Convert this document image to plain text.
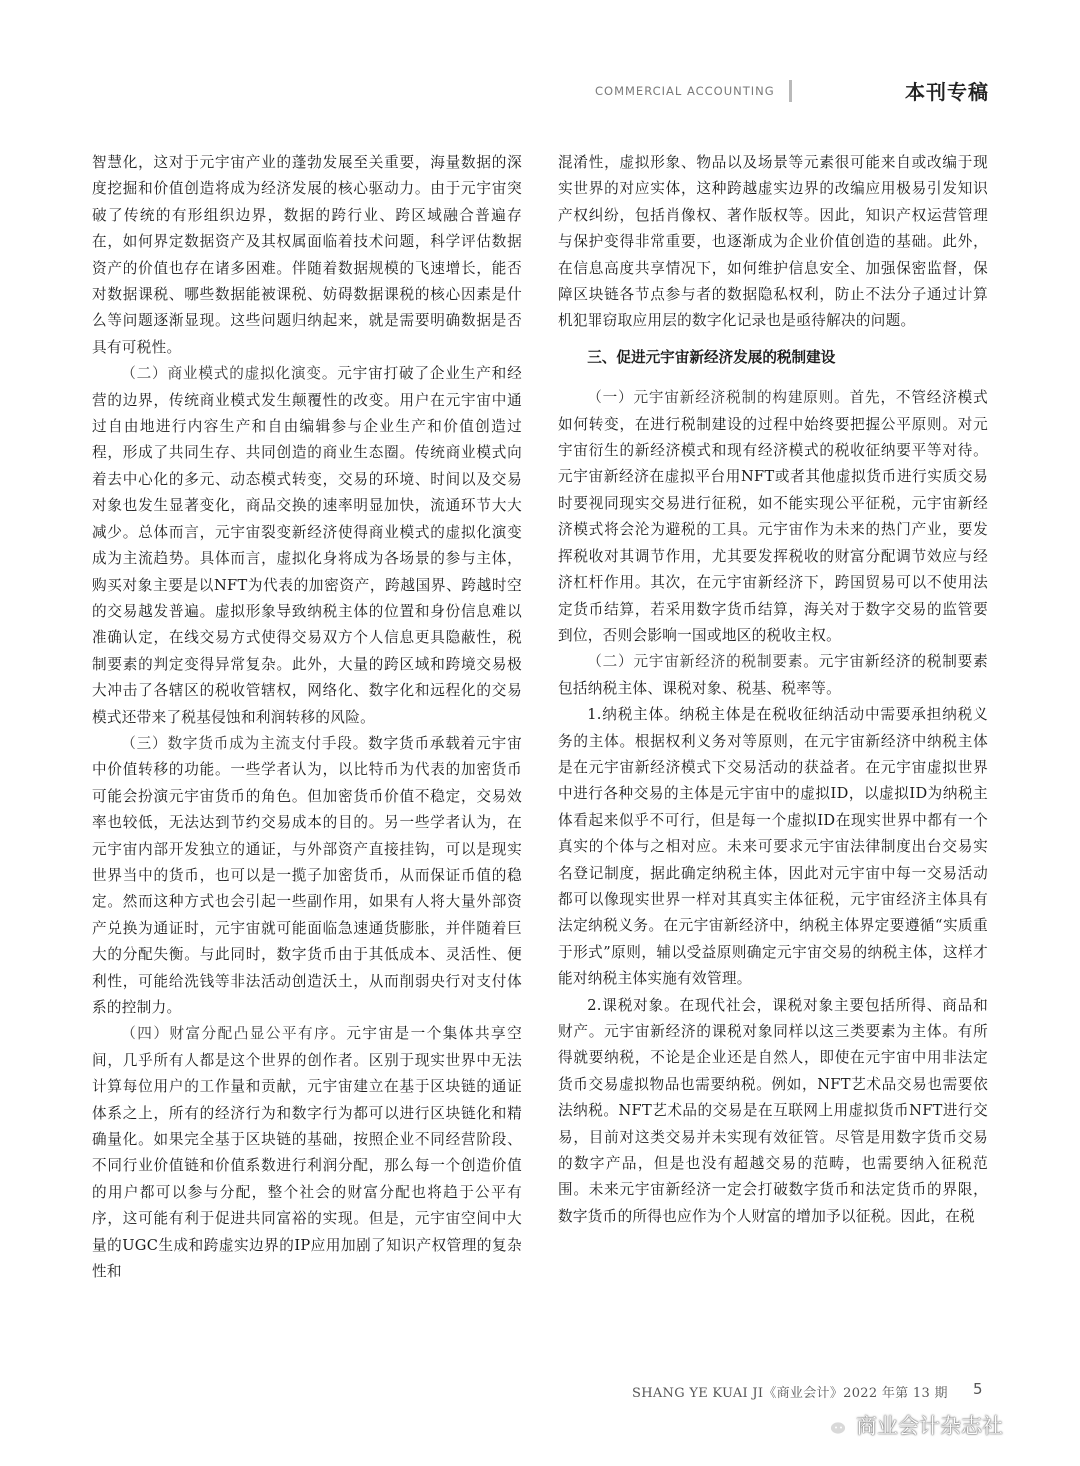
COMMERCIAL ACCOUNTING	本刊专稿

智慧化，这对于元宇宙产业的蓬勃发展至关重要，海量数据的深度挖掘和价值创造将成为经济发展的核心驱动力。由于元宇宙突破了传统的有形组织边界，数据的跨行业、跨区域融合普遍存在，如何界定数据资产及其权属面临着技术问题，科学评估数据资产的价值也存在诸多困难。伴随着数据规模的飞速增长，能否对数据课税、哪些数据能被课税、妨碍数据课税的核心因素是什么等问题逐渐显现。这些问题归纳起来，就是需要明确数据是否具有可税性。

（二）商业模式的虚拟化演变。元宇宙打破了企业生产和经营的边界，传统商业模式发生颠覆性的改变。用户在元宇宙中通过自由地进行内容生产和自由编辑参与企业生产和价值创造过程，形成了共同生存、共同创造的商业生态圈。传统商业模式向着去中心化的多元、动态模式转变，交易的环境、时间以及交易对象也发生显著变化，商品交换的速率明显加快，流通环节大大减少。总体而言，元宇宙裂变新经济使得商业模式的虚拟化演变成为主流趋势。具体而言，虚拟化身将成为各场景的参与主体，购买对象主要是以NFT为代表的加密资产，跨越国界、跨越时空的交易越发普遍。虚拟形象导致纳税主体的位置和身份信息难以准确认定，在线交易方式使得交易双方个人信息更具隐蔽性，税制要素的判定变得异常复杂。此外，大量的跨区域和跨境交易极大冲击了各辖区的税收管辖权，网络化、数字化和远程化的交易模式还带来了税基侵蚀和利润转移的风险。

（三）数字货币成为主流支付手段。数字货币承载着元宇宙中价值转移的功能。一些学者认为，以比特币为代表的加密货币可能会扮演元宇宙货币的角色。但加密货币价值不稳定，交易效率也较低，无法达到节约交易成本的目的。另一些学者认为，在元宇宙内部开发独立的通证，与外部资产直接挂钩，可以是现实世界当中的货币，也可以是一揽子加密货币，从而保证币值的稳定。然而这种方式也会引起一些副作用，如果有人将大量外部资产兑换为通证时，元宇宙就可能面临急速通货膨胀，并伴随着巨大的分配失衡。与此同时，数字货币由于其低成本、灵活性、便利性，可能给洗钱等非法活动创造沃土，从而削弱央行对支付体系的控制力。

（四）财富分配凸显公平有序。元宇宙是一个集体共享空间，几乎所有人都是这个世界的创作者。区别于现实世界中无法计算每位用户的工作量和贡献，元宇宙建立在基于区块链的通证体系之上，所有的经济行为和数字行为都可以进行区块链化和精确量化。如果完全基于区块链的基础，按照企业不同经营阶段、不同行业价值链和价值系数进行利润分配，那么每一个创造价值的用户都可以参与分配，整个社会的财富分配也将趋于公平有序，这可能有利于促进共同富裕的实现。但是，元宇宙空间中大量的UGC生成和跨虚实边界的IP应用加剧了知识产权管理的复杂性和

混淆性，虚拟形象、物品以及场景等元素很可能来自或改编于现实世界的对应实体，这种跨越虚实边界的改编应用极易引发知识产权纠纷，包括肖像权、著作版权等。因此，知识产权运营管理与保护变得非常重要，也逐渐成为企业价值创造的基础。此外，在信息高度共享情况下，如何维护信息安全、加强保密监督，保障区块链各节点参与者的数据隐私权利，防止不法分子通过计算机犯罪窃取应用层的数字化记录也是亟待解决的问题。

三、促进元宇宙新经济发展的税制建设

（一）元宇宙新经济税制的构建原则。首先，不管经济模式如何转变，在进行税制建设的过程中始终要把握公平原则。对元宇宙衍生的新经济模式和现有经济模式的税收征纳要平等对待。元宇宙新经济在虚拟平台用NFT或者其他虚拟货币进行实质交易时要视同现实交易进行征税，如不能实现公平征税，元宇宙新经济模式将会沦为避税的工具。元宇宙作为未来的热门产业，要发挥税收对其调节作用，尤其要发挥税收的财富分配调节效应与经济杠杆作用。其次，在元宇宙新经济下，跨国贸易可以不使用法定货币结算，若采用数字货币结算，海关对于数字交易的监管要到位，否则会影响一国或地区的税收主权。

（二）元宇宙新经济的税制要素。元宇宙新经济的税制要素包括纳税主体、课税对象、税基、税率等。

1.纳税主体。纳税主体是在税收征纳活动中需要承担纳税义务的主体。根据权利义务对等原则，在元宇宙新经济中纳税主体是在元宇宙新经济模式下交易活动的获益者。在元宇宙虚拟世界中进行各种交易的主体是元宇宙中的虚拟ID，以虚拟ID为纳税主体看起来似乎不可行，但是每一个虚拟ID在现实世界中都有一个真实的个体与之相对应。未来可要求元宇宙法律制度出台交易实名登记制度，据此确定纳税主体，因此对元宇宙中每一交易活动都可以像现实世界一样对其真实主体征税，元宇宙经济主体具有法定纳税义务。在元宇宙新经济中，纳税主体界定要遵循“实质重于形式”原则，辅以受益原则确定元宇宙交易的纳税主体，这样才能对纳税主体实施有效管理。

2.课税对象。在现代社会，课税对象主要包括所得、商品和财产。元宇宙新经济的课税对象同样以这三类要素为主体。有所得就要纳税，不论是企业还是自然人，即使在元宇宙中用非法定货币交易虚拟物品也需要纳税。例如，NFT艺术品交易也需要依法纳税。NFT艺术品的交易是在互联网上用虚拟货币NFT进行交易，目前对这类交易并未实现有效征管。尽管是用数字货币交易的数字产品，但是也没有超越交易的范畴，也需要纳入征税范围。未来元宇宙新经济一定会打破数字货币和法定货币的界限，数字货币的所得也应作为个人财富的增加予以征税。因此，在税

SHANG YE KUAI JI《商业会计》2022 年第 13 期 5
商业会计杂志社
